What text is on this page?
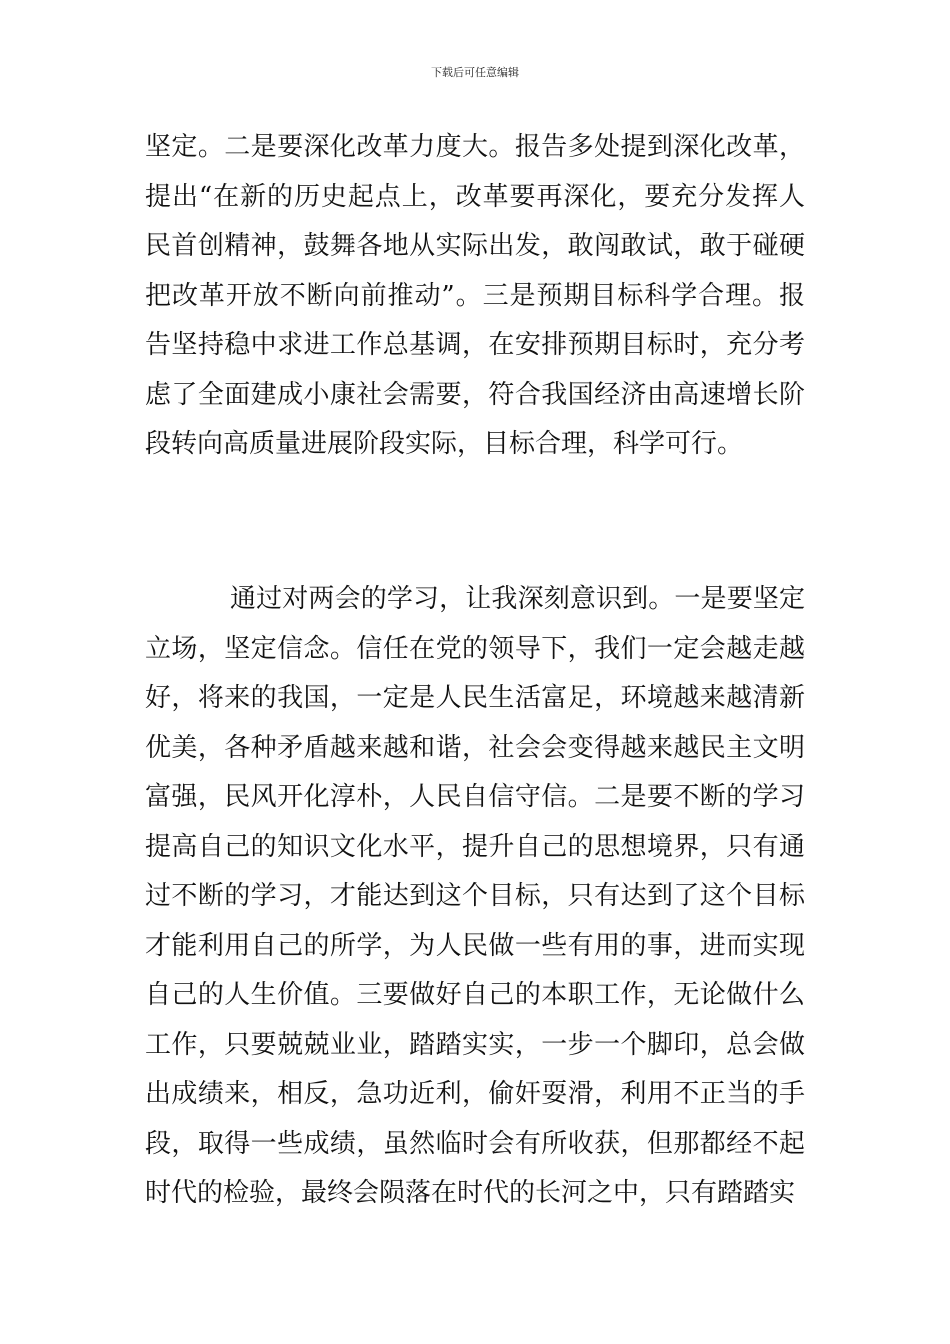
下载后可任意编辑
坚定。二是要深化改革力度大。报告多处提到深化改革，提出“在新的历史起点上，改革要再深化，要充分发挥人民首创精神，鼓舞各地从实际出发，敢闯敢试，敢于碰硬把改革开放不断向前推动”。三是预期目标科学合理。报告坚持稳中求进工作总基调，在安排预期目标时，充分考虑了全面建成小康社会需要，符合我国经济由高速增长阶段转向高质量进展阶段实际，目标合理，科学可行。
通过对两会的学习，让我深刻意识到。一是要坚定立场，坚定信念。信任在党的领导下，我们一定会越走越好，将来的我国，一定是人民生活富足，环境越来越清新优美，各种矛盾越来越和谐，社会会变得越来越民主文明富强，民风开化淳朴，人民自信守信。二是要不断的学习提高自己的知识文化水平，提升自己的思想境界，只有通过不断的学习，才能达到这个目标，只有达到了这个目标才能利用自己的所学，为人民做一些有用的事，进而实现自己的人生价值。三要做好自己的本职工作，无论做什么工作，只要兢兢业业，踏踏实实，一步一个脚印，总会做出成绩来，相反，急功近利，偷奸耍滑，利用不正当的手段，取得一些成绩，虽然临时会有所收获，但那都经不起时代的检验，最终会陨落在时代的长河之中，只有踏踏实
